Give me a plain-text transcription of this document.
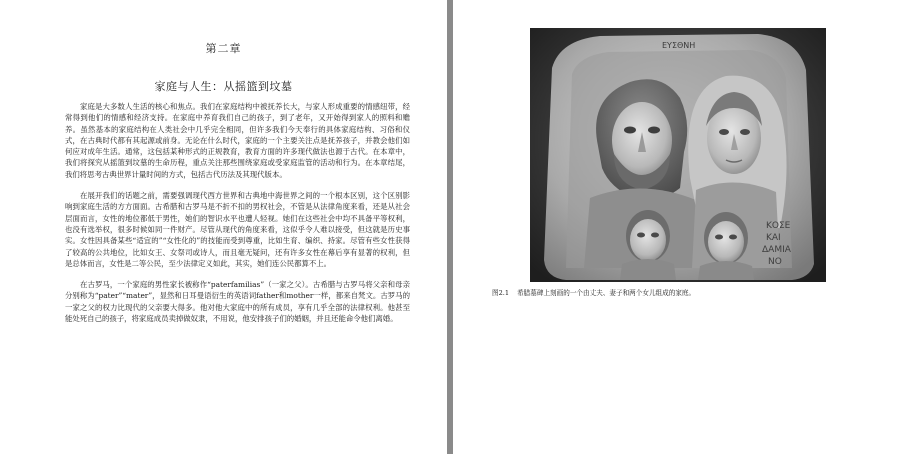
第二章
家庭与人生：从摇篮到坟墓

家庭是大多数人生活的核心和焦点。我们在家庭结构中被抚养长大，与家人形成重要的情感纽带，经常得到他们的情感和经济支持。在家庭中养育我们自己的孩子，到了老年，又开始得到家人的照料和赡养。虽然基本的家庭结构在人类社会中几乎完全相同，但许多我们今天奉行的具体家庭结构、习俗和仪式，在古典时代都有其起源或前身。无论在什么时代，家庭的一个主要关注点是抚养孩子，并教会他们如何应对成年生活。通常，这包括某种形式的正规教育，教育方面的许多现代做法也源于古代。在本章中，我们将探究从摇篮到坟墓的生命历程，重点关注那些围绕家庭或受家庭监管的活动和行为。在本章结尾，我们将思考古典世界计量时间的方式，包括古代历法及其现代版本。

在展开我们的话题之前，需要强调现代西方世界和古典地中海世界之间的一个根本区别，这个区别影响到家庭生活的方方面面。古希腊和古罗马是不折不扣的男权社会，不管是从法律角度来看，还是从社会层面而言，女性的地位都低于男性，她们的智识水平也遭人轻视。她们在这些社会中均不具备平等权利，也没有选举权，很多时候如同一件财产。尽管从现代的角度来看，这似乎令人难以接受，但这就是历史事实。女性因具备某些“适宜的”“女性化的”的技能而受到尊重，比如生育、编织、持家。尽管有些女性获得了较高的公共地位，比如女王、女祭司或诗人，而且毫无疑问，还有许多女性在幕后享有显著的权利，但是总体而言，女性是二等公民，至少法律定义如此，其实，她们连公民都算不上。

在古罗马，一个家庭的男性家长被称作“paterfamilias”（一家之父）。古希腊与古罗马将父亲和母亲分别称为“pater”“mater”，显然和日耳曼语衍生的英语词father和mother一样，都来自梵文。古罗马的一家之父的权力比现代的父亲要大得多。他对他大家庭中的所有成员，享有几乎全部的法律权利。他甚至能处死自己的孩子，将家庭成员卖掉做奴隶，不用说，他安排孩子们的婚姻，并且还能命令他们离婚。

ΕΥΣΘΝΗ
ΚΟΣΕ
ΚΑΙ
ΔΑΜΙΑ
ΝΟ
图2.1 希腊墓碑上刻画的一个由丈夫、妻子和两个女儿组成的家庭。
